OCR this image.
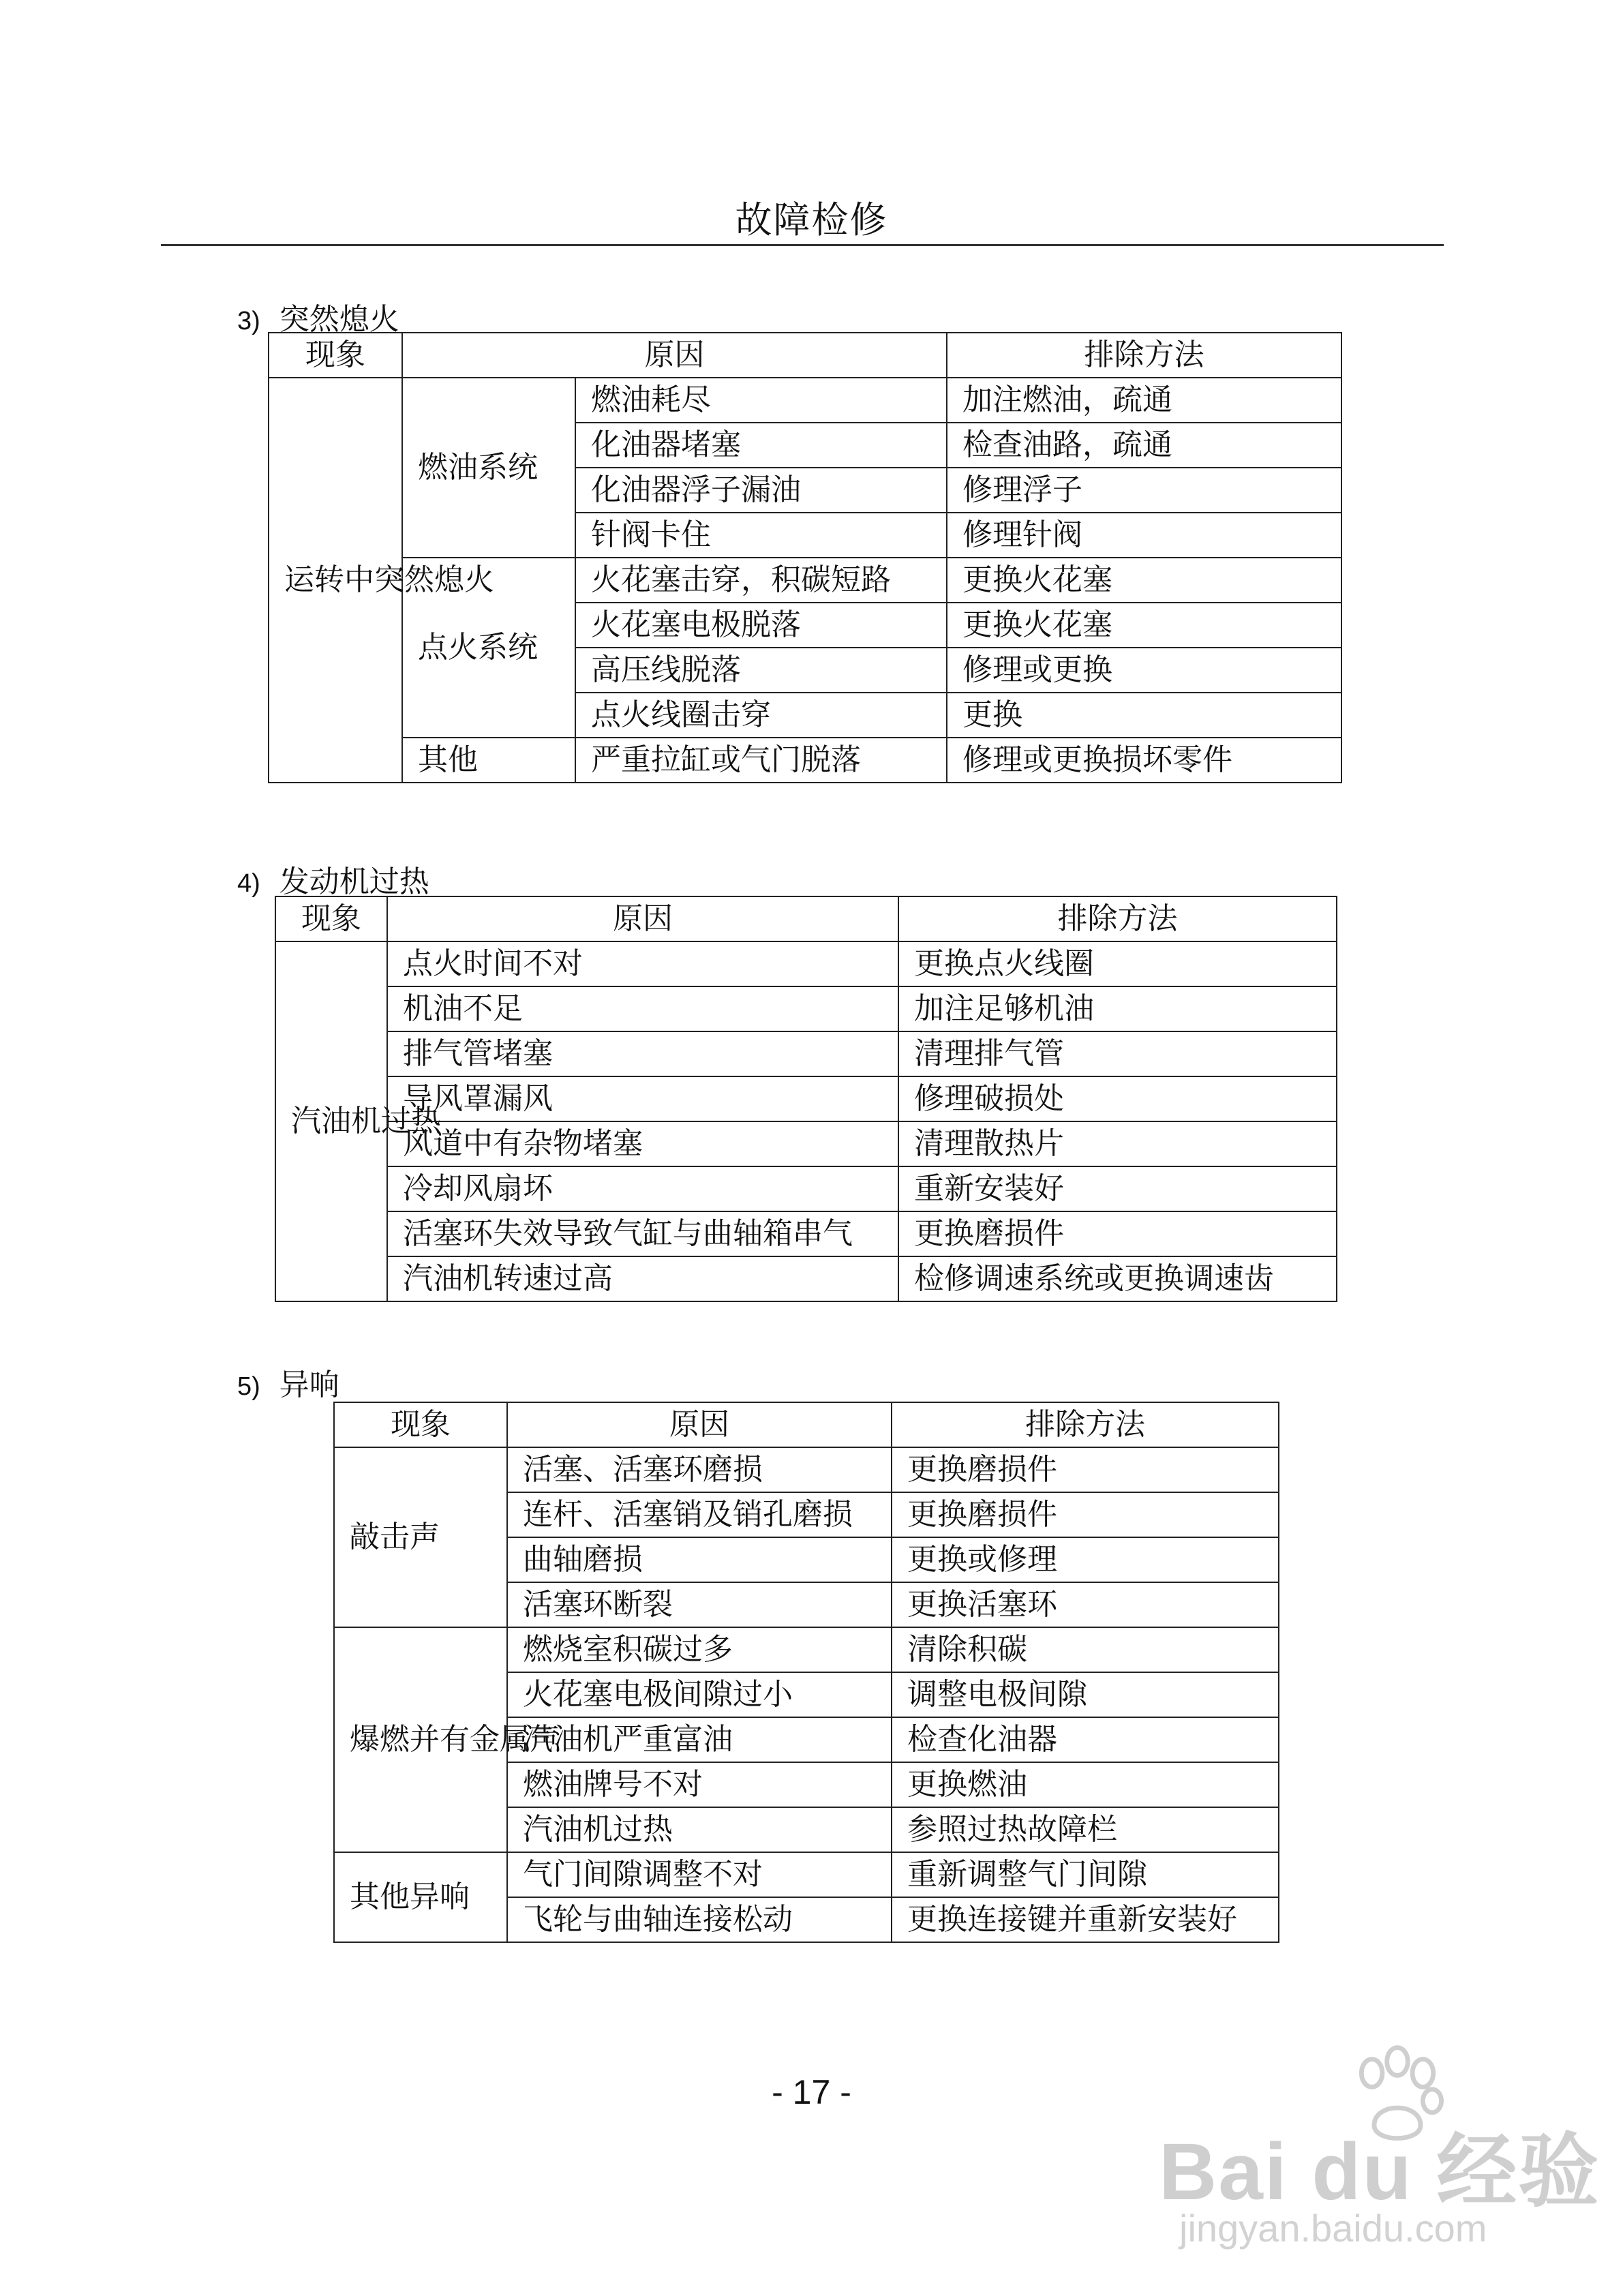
故障检修
3) 突然熄火
现象	原因		排除方法
运转中突然熄火	燃油系统	燃油耗尽	加注燃油，疏通
		化油器堵塞	检查油路，疏通
		化油器浮子漏油	修理浮子
		针阀卡住	修理针阀
	点火系统	火花塞击穿，积碳短路	更换火花塞
		火花塞电极脱落	更换火花塞
		高压线脱落	修理或更换
		点火线圈击穿	更换
	其他	严重拉缸或气门脱落	修理或更换损坏零件
4) 发动机过热
现象	原因	排除方法
汽油机过热	点火时间不对	更换点火线圈
	机油不足	加注足够机油
	排气管堵塞	清理排气管
	导风罩漏风	修理破损处
	风道中有杂物堵塞	清理散热片
	冷却风扇坏	重新安装好
	活塞环失效导致气缸与曲轴箱串气	更换磨损件
	汽油机转速过高	检修调速系统或更换调速齿
5) 异响
现象	原因	排除方法
敲击声	活塞、活塞环磨损	更换磨损件
	连杆、活塞销及销孔磨损	更换磨损件
	曲轴磨损	更换或修理
	活塞环断裂	更换活塞环
爆燃并有金属声	燃烧室积碳过多	清除积碳
	火花塞电极间隙过小	调整电极间隙
	汽油机严重富油	检查化油器
	燃油牌号不对	更换燃油
	汽油机过热	参照过热故障栏
其他异响	气门间隙调整不对	重新调整气门间隙
	飞轮与曲轴连接松动	更换连接键并重新安装好
- 17 -
Bai du 经验
jingyan.baidu.com
